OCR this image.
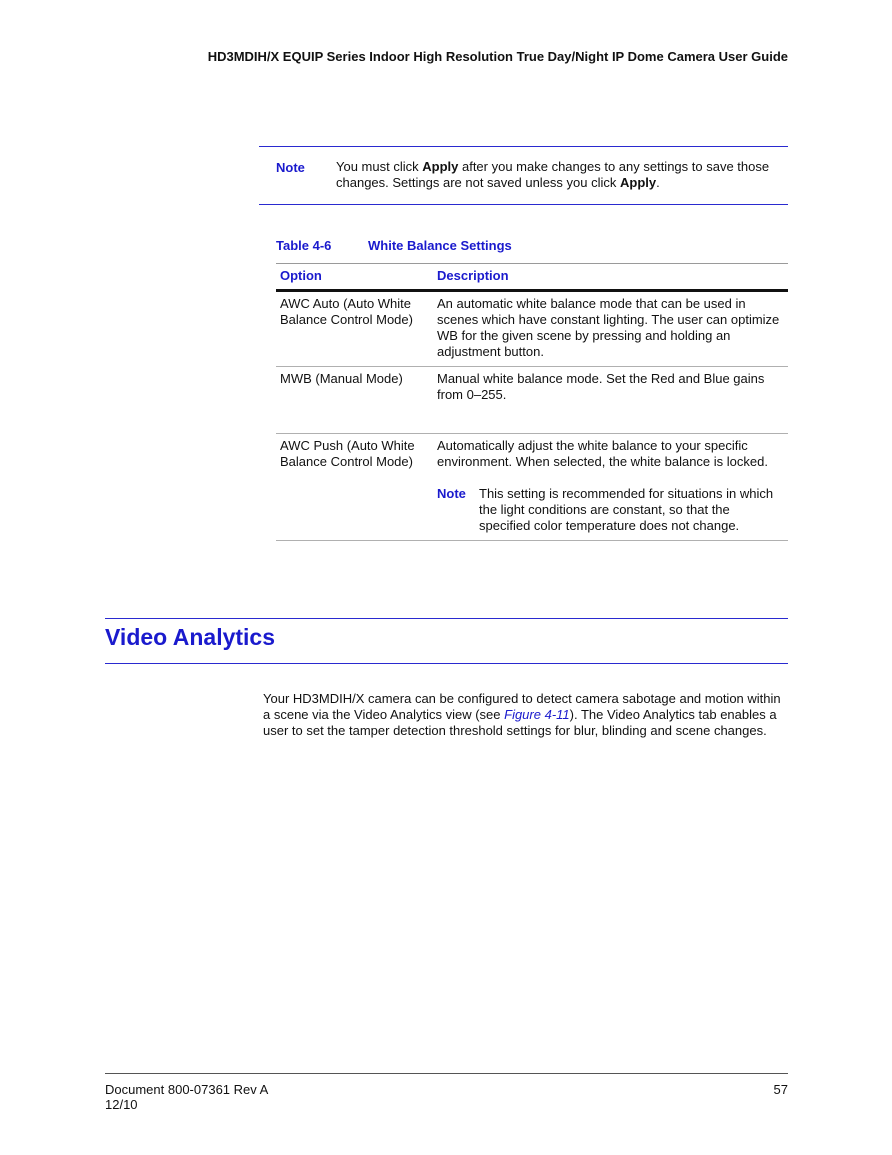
HD3MDIH/X EQUIP Series Indoor High Resolution True Day/Night IP Dome Camera User Guide
Note You must click Apply after you make changes to any settings to save those changes. Settings are not saved unless you click Apply.
Table 4-6	White Balance Settings
Option	Description
AWC Auto (Auto White Balance Control Mode)	An automatic white balance mode that can be used in scenes which have constant lighting. The user can optimize WB for the given scene by pressing and holding an adjustment button.
MWB (Manual Mode)	Manual white balance mode. Set the Red and Blue gains from 0–255.
AWC Push (Auto White Balance Control Mode)	Automatically adjust the white balance to your specific environment. When selected, the white balance is locked.
Note This setting is recommended for situations in which the light conditions are constant, so that the specified color temperature does not change.
Video Analytics
Your HD3MDIH/X camera can be configured to detect camera sabotage and motion within a scene via the Video Analytics view (see Figure 4-11). The Video Analytics tab enables a user to set the tamper detection threshold settings for blur, blinding and scene changes.
Document 800-07361 Rev A
12/10
57
